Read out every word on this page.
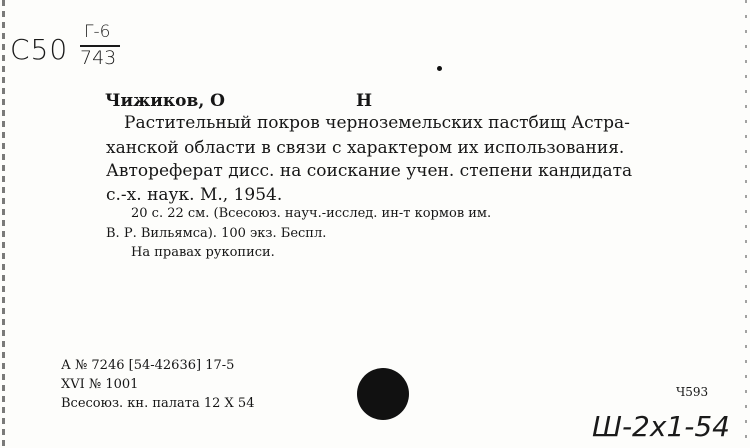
C50
Г-6
743
Чижиков, О	Н
Растительный покров черноземельских пастбищ Астра-
ханской области в связи с характером их использования.
Автореферат дисс. на соискание учен. степени кандидата
с.-х. наук. М., 1954.
20 с. 22 см. (Всесоюз. науч.-исслед. ин-т кормов им.
В. Р. Вильямса). 100 экз. Беспл.
На правах рукописи.
А № 7246 [54-42636] 17-5
XVI № 1001
Всесоюз. кн. палата 12 X 54
Ч593
Ш-2х1-54
